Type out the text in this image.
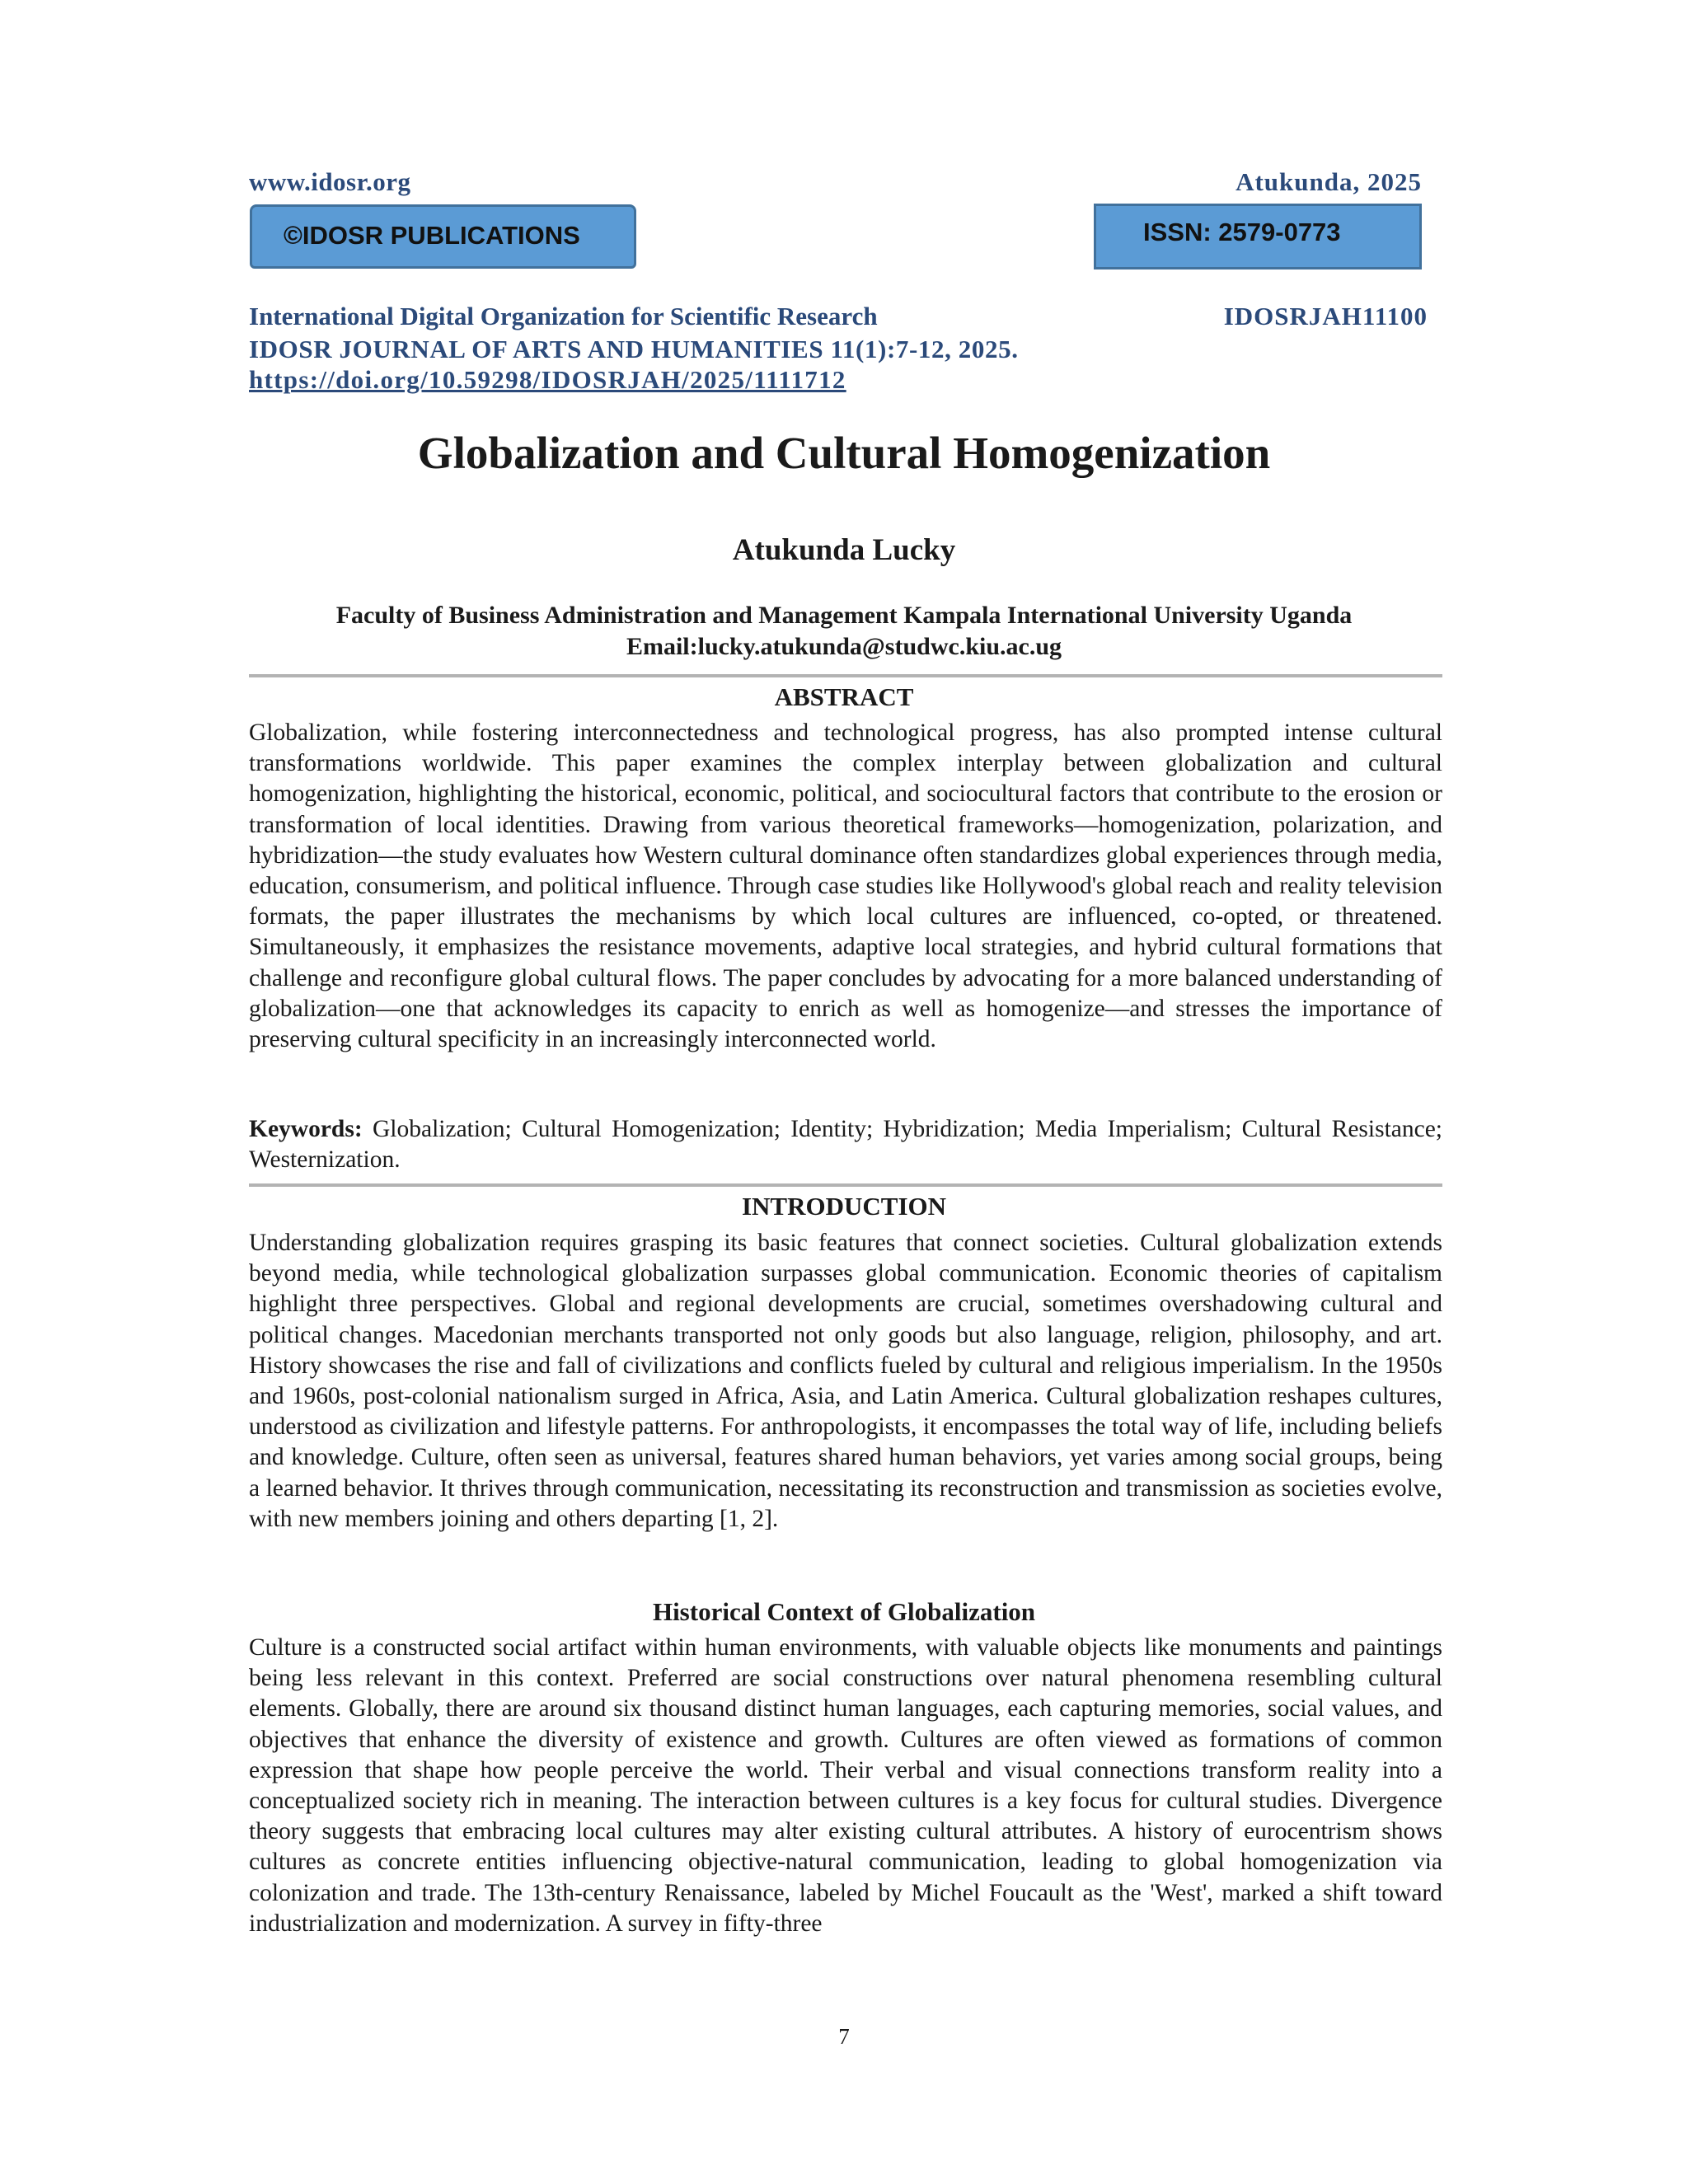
www.idosr.org	Atukunda, 2025
©IDOSR PUBLICATIONS	ISSN: 2579-0773
International Digital Organization for Scientific Research	IDOSRJAH11100
IDOSR JOURNAL OF ARTS AND HUMANITIES 11(1):7-12, 2025.
https://doi.org/10.59298/IDOSRJAH/2025/1111712
Globalization and Cultural Homogenization
Atukunda Lucky
Faculty of Business Administration and Management Kampala International University Uganda
Email:lucky.atukunda@studwc.kiu.ac.ug
ABSTRACT

Globalization, while fostering interconnectedness and technological progress, has also prompted intense cultural transformations worldwide. This paper examines the complex interplay between globalization and cultural homogenization, highlighting the historical, economic, political, and sociocultural factors that contribute to the erosion or transformation of local identities. Drawing from various theoretical frameworks—homogenization, polarization, and hybridization—the study evaluates how Western cultural dominance often standardizes global experiences through media, education, consumerism, and political influence. Through case studies like Hollywood's global reach and reality television formats, the paper illustrates the mechanisms by which local cultures are influenced, co-opted, or threatened. Simultaneously, it emphasizes the resistance movements, adaptive local strategies, and hybrid cultural formations that challenge and reconfigure global cultural flows. The paper concludes by advocating for a more balanced understanding of globalization—one that acknowledges its capacity to enrich as well as homogenize—and stresses the importance of preserving cultural specificity in an increasingly interconnected world.

Keywords: Globalization; Cultural Homogenization; Identity; Hybridization; Media Imperialism; Cultural Resistance; Westernization.

INTRODUCTION

Understanding globalization requires grasping its basic features that connect societies. Cultural globalization extends beyond media, while technological globalization surpasses global communication. Economic theories of capitalism highlight three perspectives. Global and regional developments are crucial, sometimes overshadowing cultural and political changes. Macedonian merchants transported not only goods but also language, religion, philosophy, and art. History showcases the rise and fall of civilizations and conflicts fueled by cultural and religious imperialism. In the 1950s and 1960s, post-colonial nationalism surged in Africa, Asia, and Latin America. Cultural globalization reshapes cultures, understood as civilization and lifestyle patterns. For anthropologists, it encompasses the total way of life, including beliefs and knowledge. Culture, often seen as universal, features shared human behaviors, yet varies among social groups, being a learned behavior. It thrives through communication, necessitating its reconstruction and transmission as societies evolve, with new members joining and others departing [1, 2].

Historical Context of Globalization

Culture is a constructed social artifact within human environments, with valuable objects like monuments and paintings being less relevant in this context. Preferred are social constructions over natural phenomena resembling cultural elements. Globally, there are around six thousand distinct human languages, each capturing memories, social values, and objectives that enhance the diversity of existence and growth. Cultures are often viewed as formations of common expression that shape how people perceive the world. Their verbal and visual connections transform reality into a conceptualized society rich in meaning. The interaction between cultures is a key focus for cultural studies. Divergence theory suggests that embracing local cultures may alter existing cultural attributes. A history of eurocentrism shows cultures as concrete entities influencing objective-natural communication, leading to global homogenization via colonization and trade. The 13th-century Renaissance, labeled by Michel Foucault as the 'West', marked a shift toward industrialization and modernization. A survey in fifty-three

7
